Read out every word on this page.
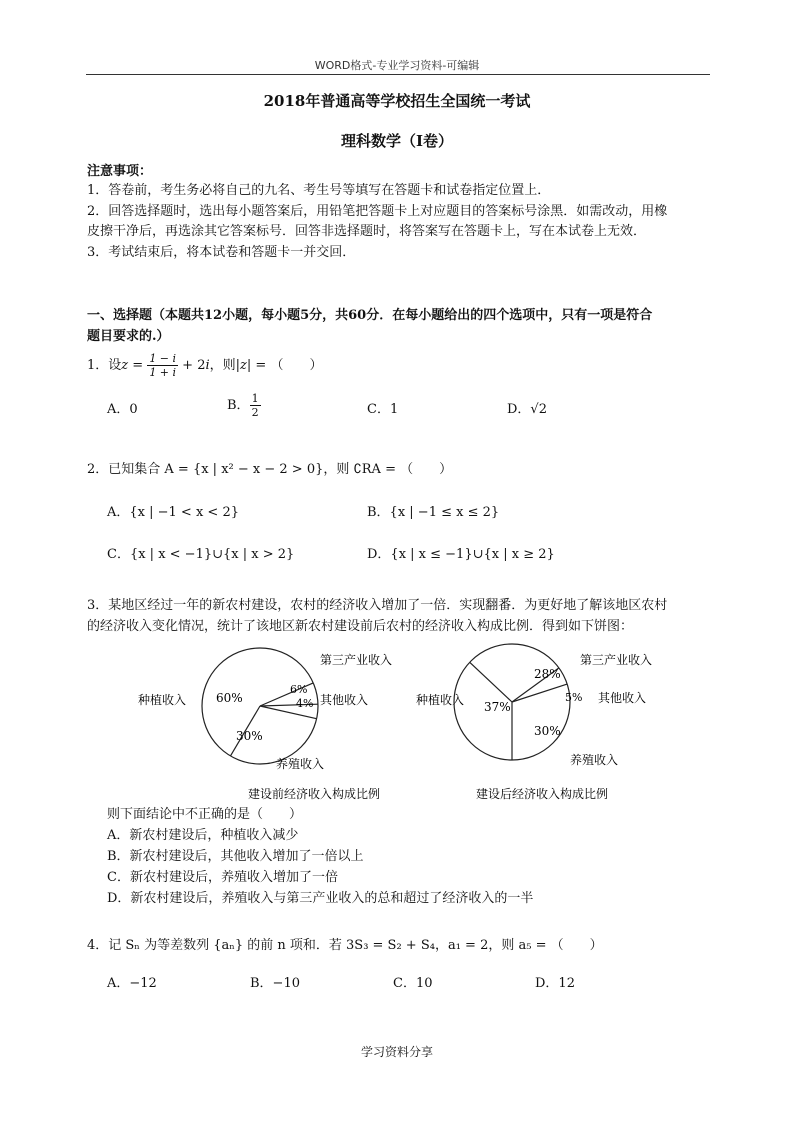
WORD格式-专业学习资料-可编辑
2018年普通高等学校招生全国统一考试
理科数学（I卷）
注意事项：
1．答卷前，考生务必将自己的九名、考生号等填写在答题卡和试卷指定位置上．
2．回答选择题时，选出每小题答案后，用铅笔把答题卡上对应题目的答案标号涂黑．如需改动，用橡
皮擦干净后，再选涂其它答案标号．回答非选择题时，将答案写在答题卡上，写在本试卷上无效．
3．考试结束后，将本试卷和答题卡一并交回．
一、选择题（本题共12小题，每小题5分，共60分．在每小题给出的四个选项中，只有一项是符合
题目要求的.）
1．设$z = \frac{1 - i}{1 + i} + 2i$，则|z| = （　　）
A．0	B． $\frac{1}{2}$	C．1	D．√2
2．已知集合 A = {x | x² − x − 2 > 0}，则 ∁RA = （　　）
A．{x | −1 < x < 2}	B．{x | −1 ≤ x ≤ 2}
C．{x | x < −1}∪{x | x > 2}	D．{x | x ≤ −1}∪{x | x ≥ 2}
3．某地区经过一年的新农村建设，农村的经济收入增加了一倍．实现翻番．为更好地了解该地区农村
的经济收入变化情况，统计了该地区新农村建设前后农村的经济收入构成比例．得到如下饼图：
种植收入
第三产业收入
其他收入
养殖收入
60%
6%
4%
30%
建设前经济收入构成比例
种植收入
第三产业收入
其他收入
养殖收入
37%
28%
5%
30%
建设后经济收入构成比例
则下面结论中不正确的是（　　）
A．新农村建设后，种植收入减少
B．新农村建设后，其他收入增加了一倍以上
C．新农村建设后，养殖收入增加了一倍
D．新农村建设后，养殖收入与第三产业收入的总和超过了经济收入的一半
4．记 Sₙ 为等差数列 {aₙ} 的前 n 项和．若 3S₃ = S₂ + S₄，a₁ = 2，则 a₅ = （　　）
A．−12	B．−10	C．10	D．12
学习资料分享
